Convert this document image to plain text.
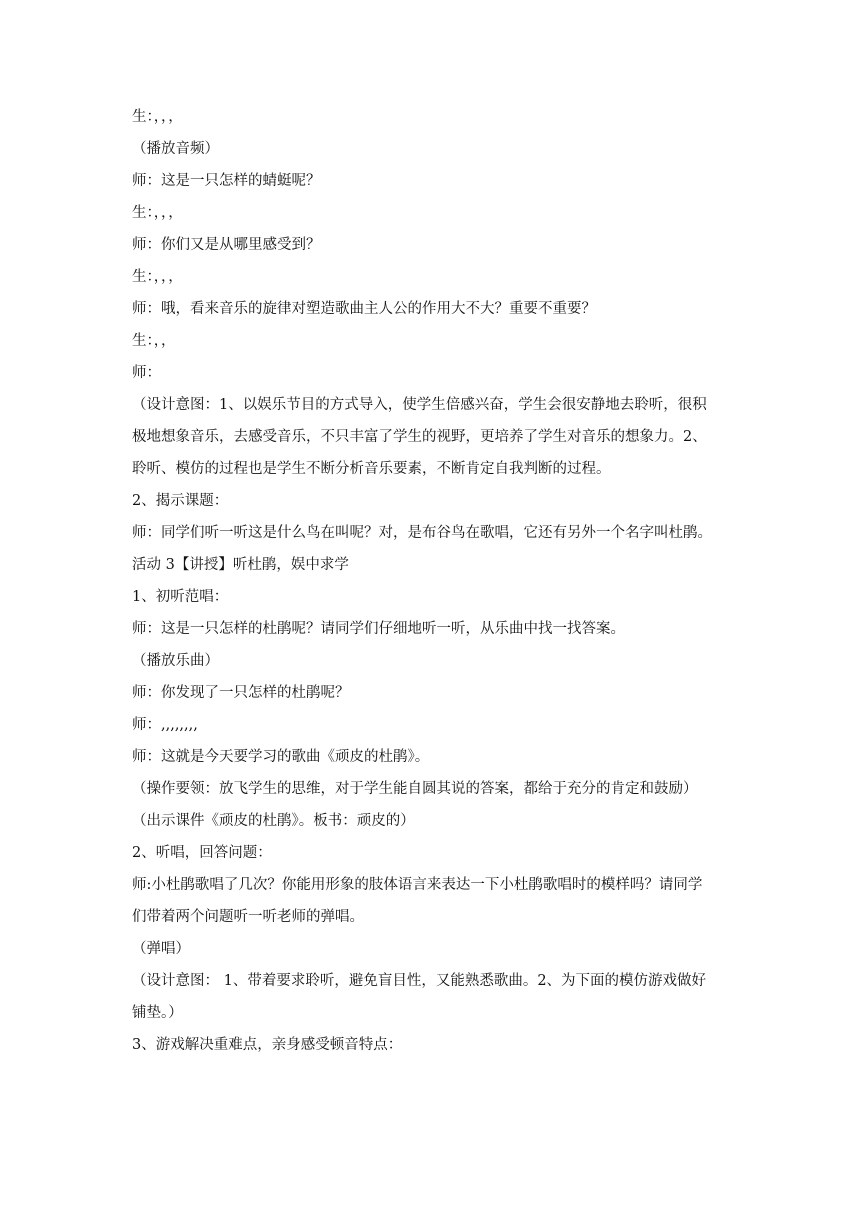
生：，，，
（播放音频）
师：这是一只怎样的蜻蜓呢？
生：，，，
师：你们又是从哪里感受到？
生：，，，
师：哦，看来音乐的旋律对塑造歌曲主人公的作用大不大？重要不重要？
生：，，
师：
（设计意图：1、以娱乐节目的方式导入，使学生倍感兴奋，学生会很安静地去聆听，很积
极地想象音乐，去感受音乐，不只丰富了学生的视野，更培养了学生对音乐的想象力。2、
聆听、模仿的过程也是学生不断分析音乐要素，不断肯定自我判断的过程。
2、揭示课题：
师：同学们听一听这是什么鸟在叫呢？对，是布谷鸟在歌唱，它还有另外一个名字叫杜鹃。
活动 3【讲授】听杜鹃，娱中求学
1、初听范唱：
师：这是一只怎样的杜鹃呢？请同学们仔细地听一听，从乐曲中找一找答案。
（播放乐曲）
师：你发现了一只怎样的杜鹃呢？
师：,,,,,,,,
师：这就是今天要学习的歌曲《顽皮的杜鹃》。
（操作要领：放飞学生的思维，对于学生能自圆其说的答案，都给于充分的肯定和鼓励）
（出示课件《顽皮的杜鹃》。板书：顽皮的）
2、听唱，回答问题：
师:小杜鹃歌唱了几次？你能用形象的肢体语言来表达一下小杜鹃歌唱时的模样吗？请同学
们带着两个问题听一听老师的弹唱。
（弹唱）
（设计意图： 1、带着要求聆听，避免盲目性，又能熟悉歌曲。2、为下面的模仿游戏做好
铺垫。）
3、游戏解决重难点，亲身感受顿音特点：
